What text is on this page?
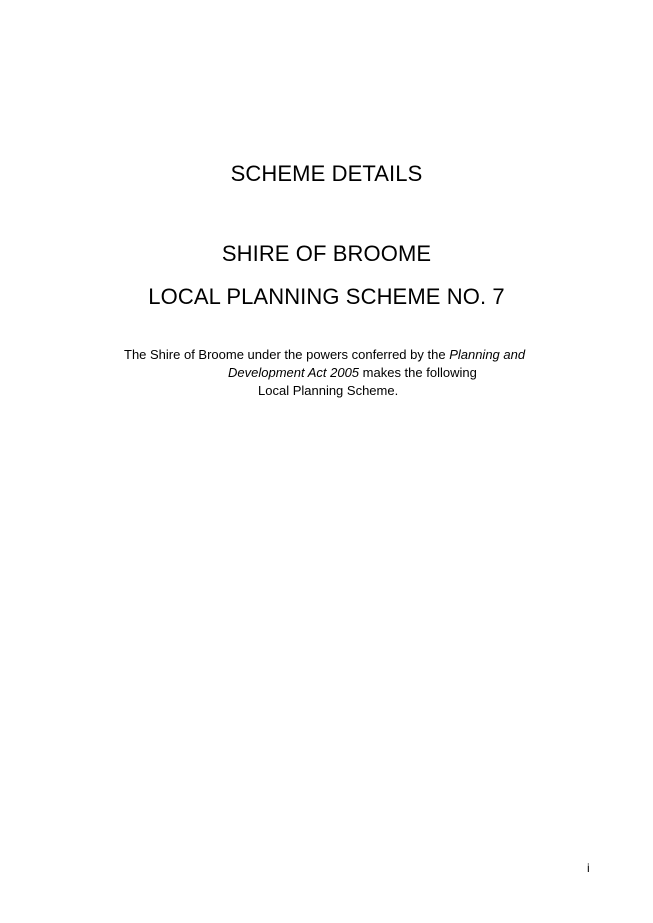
SCHEME DETAILS
SHIRE OF BROOME
LOCAL PLANNING SCHEME NO. 7
The Shire of Broome under the powers conferred by the Planning and
Development Act 2005 makes the following
Local Planning Scheme.
i
